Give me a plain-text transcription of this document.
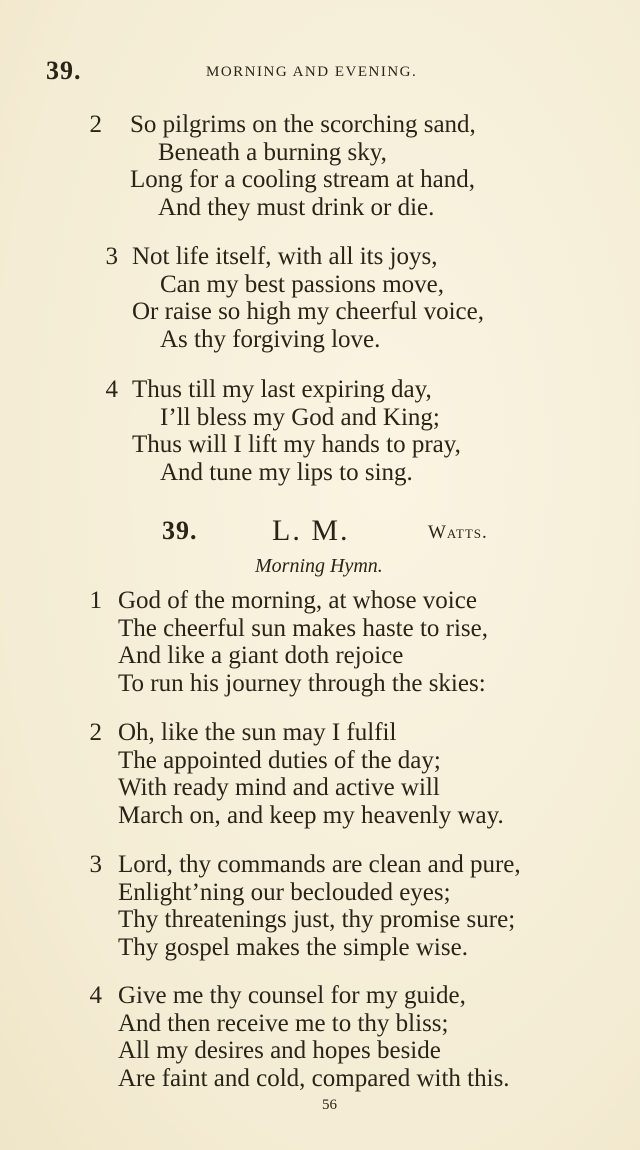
39.	MORNING AND EVENING.
2 So pilgrims on the scorching sand,
Beneath a burning sky,
Long for a cooling stream at hand,
And they must drink or die.
3 Not life itself, with all its joys,
Can my best passions move,
Or raise so high my cheerful voice,
As thy forgiving love.
4 Thus till my last expiring day,
I’ll bless my God and King;
Thus will I lift my hands to pray,
And tune my lips to sing.
39. L. M.	Watts.
Morning Hymn.
1 God of the morning, at whose voice
The cheerful sun makes haste to rise,
And like a giant doth rejoice
To run his journey through the skies:
2 Oh, like the sun may I fulfil
The appointed duties of the day;
With ready mind and active will
March on, and keep my heavenly way.
3 Lord, thy commands are clean and pure,
Enlight’ning our beclouded eyes;
Thy threatenings just, thy promise sure;
Thy gospel makes the simple wise.
4 Give me thy counsel for my guide,
And then receive me to thy bliss;
All my desires and hopes beside
Are faint and cold, compared with this.
56
